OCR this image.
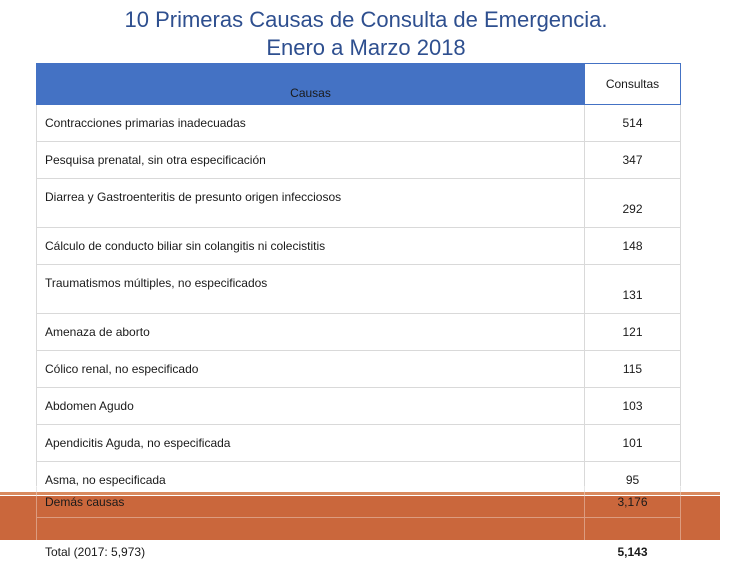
10 Primeras Causas de Consulta de Emergencia.
Enero a Marzo 2018
Causas	Consultas
Contracciones primarias inadecuadas	514
Pesquisa prenatal, sin otra especificación	347
Diarrea y Gastroenteritis de presunto origen infecciosos	292
Cálculo de conducto biliar sin colangitis ni colecistitis	148
Traumatismos múltiples, no especificados	131
Amenaza de aborto	121
Cólico renal, no especificado	115
Abdomen Agudo	103
Apendicitis Aguda, no especificada	101
Asma, no especificada	95
Demás causas	3,176
Total (2017: 5,973)	5,143
